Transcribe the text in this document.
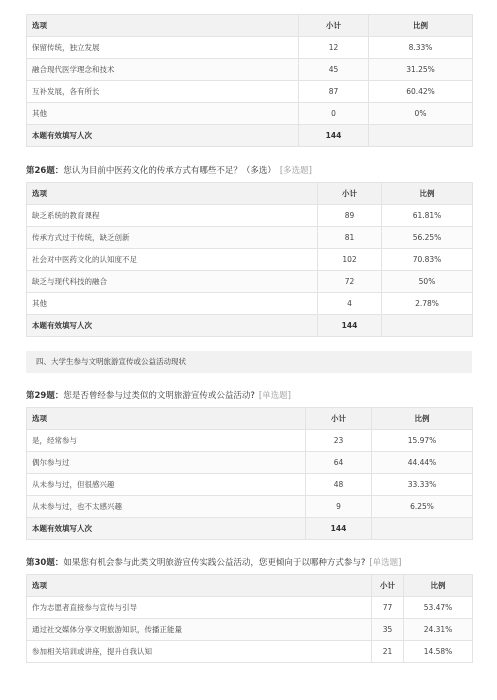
选项	小计	比例
保留传统，独立发展	12	8.33%
融合现代医学理念和技术	45	31.25%
互补发展，各有所长	87	60.42%
其他	0	0%
本题有效填写人次	144	
第26题：您认为目前中医药文化的传承方式有哪些不足？（多选） [多选题]
选项	小计	比例
缺乏系统的教育课程	89	61.81%
传承方式过于传统，缺乏创新	81	56.25%
社会对中医药文化的认知度不足	102	70.83%
缺乏与现代科技的融合	72	50%
其他	4	2.78%
本题有效填写人次	144	
四、大学生参与文明旅游宣传或公益活动现状
第29题：您是否曾经参与过类似的文明旅游宣传或公益活动? [单选题]
选项	小计	比例
是，经常参与	23	15.97%
偶尔参与过	64	44.44%
从未参与过，但很感兴趣	48	33.33%
从未参与过，也不太感兴趣	9	6.25%
本题有效填写人次	144	
第30题：如果您有机会参与此类文明旅游宣传实践公益活动，您更倾向于以哪种方式参与? [单选题]
选项	小计	比例
作为志愿者直接参与宣传与引导	77	53.47%
通过社交媒体分享文明旅游知识，传播正能量	35	24.31%
参加相关培训或讲座，提升自我认知	21	14.58%
